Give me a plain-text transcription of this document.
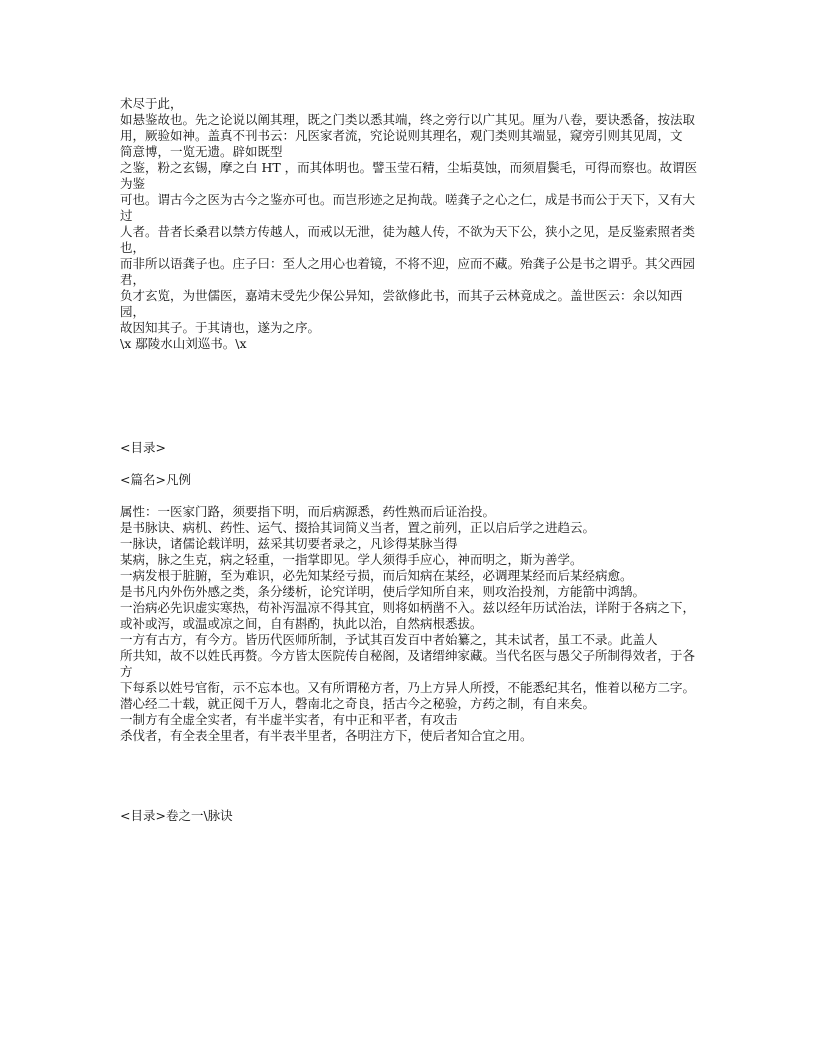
术尽于此，
如悬鉴故也。先之论说以阐其理，既之门类以悉其端，终之旁行以广其见。厘为八卷，要诀悉备，按法取
用，厥验如神。盖真不刊书云：凡医家者流，究论说则其理名，观门类则其端显，窥旁引则其见周，文
简意博，一览无遗。辟如既型
之鉴，粉之玄锡，摩之白 HT ，而其体明也。譬玉莹石精，尘垢莫蚀，而须眉鬓毛，可得而察也。故谓医为鉴
可也。谓古今之医为古今之鉴亦可也。而岂形迹之足拘哉。嗟龚子之心之仁，成是书而公于天下，又有大过
人者。昔者长桑君以禁方传越人，而戒以无泄，徒为越人传，不欲为天下公，狭小之见，是反鉴索照者类也，
而非所以语龚子也。庄子曰：至人之用心也着镜，不将不迎，应而不藏。殆龚子公是书之谓乎。其父西园君，
负才玄览，为世儒医，嘉靖末受先少保公异知，尝欲修此书，而其子云林竟成之。盖世医云：余以知西园，
故因知其子。于其请也，遂为之序。
\x 鄢陵水山刘巡书。\x
<目录>
<篇名>凡例
属性：一医家门路，须要指下明，而后病源悉，药性熟而后证治投。
是书脉诀、病机、药性、运气、掇拾其词简义当者，置之前列，正以启后学之进趋云。
一脉诀，诸儒论载详明，兹采其切要者录之，凡诊得某脉当得
某病，脉之生克，病之轻重，一指掌即见。学人须得手应心，神而明之，斯为善学。
一病发根于脏腑，至为难识，必先知某经亏损，而后知病在某经，必调理某经而后某经病愈。
是书凡内外伤外感之类，条分缕析，论究详明，使后学知所自来，则攻治投剂，方能箭中鸿鹄。
一治病必先识虚实寒热，苟补泻温凉不得其宜，则将如柄凿不入。兹以经年历试治法，详附于各病之下，或补或泻，或温或凉之间，自有斟酌，执此以治，自然病根悉拔。
一方有古方，有今方。皆历代医师所制，予试其百发百中者始纂之，其未试者，虽工不录。此盖人
所共知，故不以姓氏再赘。今方皆太医院传自秘阁，及诸缙绅家藏。当代名医与愚父子所制得效者，于各方
下每系以姓号官衔，示不忘本也。又有所谓秘方者，乃上方异人所授，不能悉纪其名，惟着以秘方二字。
潜心经二十载，就正阅千万人，磬南北之奇良，括古今之秘验，方药之制，有自来矣。
一制方有全虚全实者，有半虚半实者，有中正和平者，有攻击
杀伐者，有全表全里者，有半表半里者，各明注方下，使后者知合宜之用。
<目录>卷之一\脉诀
